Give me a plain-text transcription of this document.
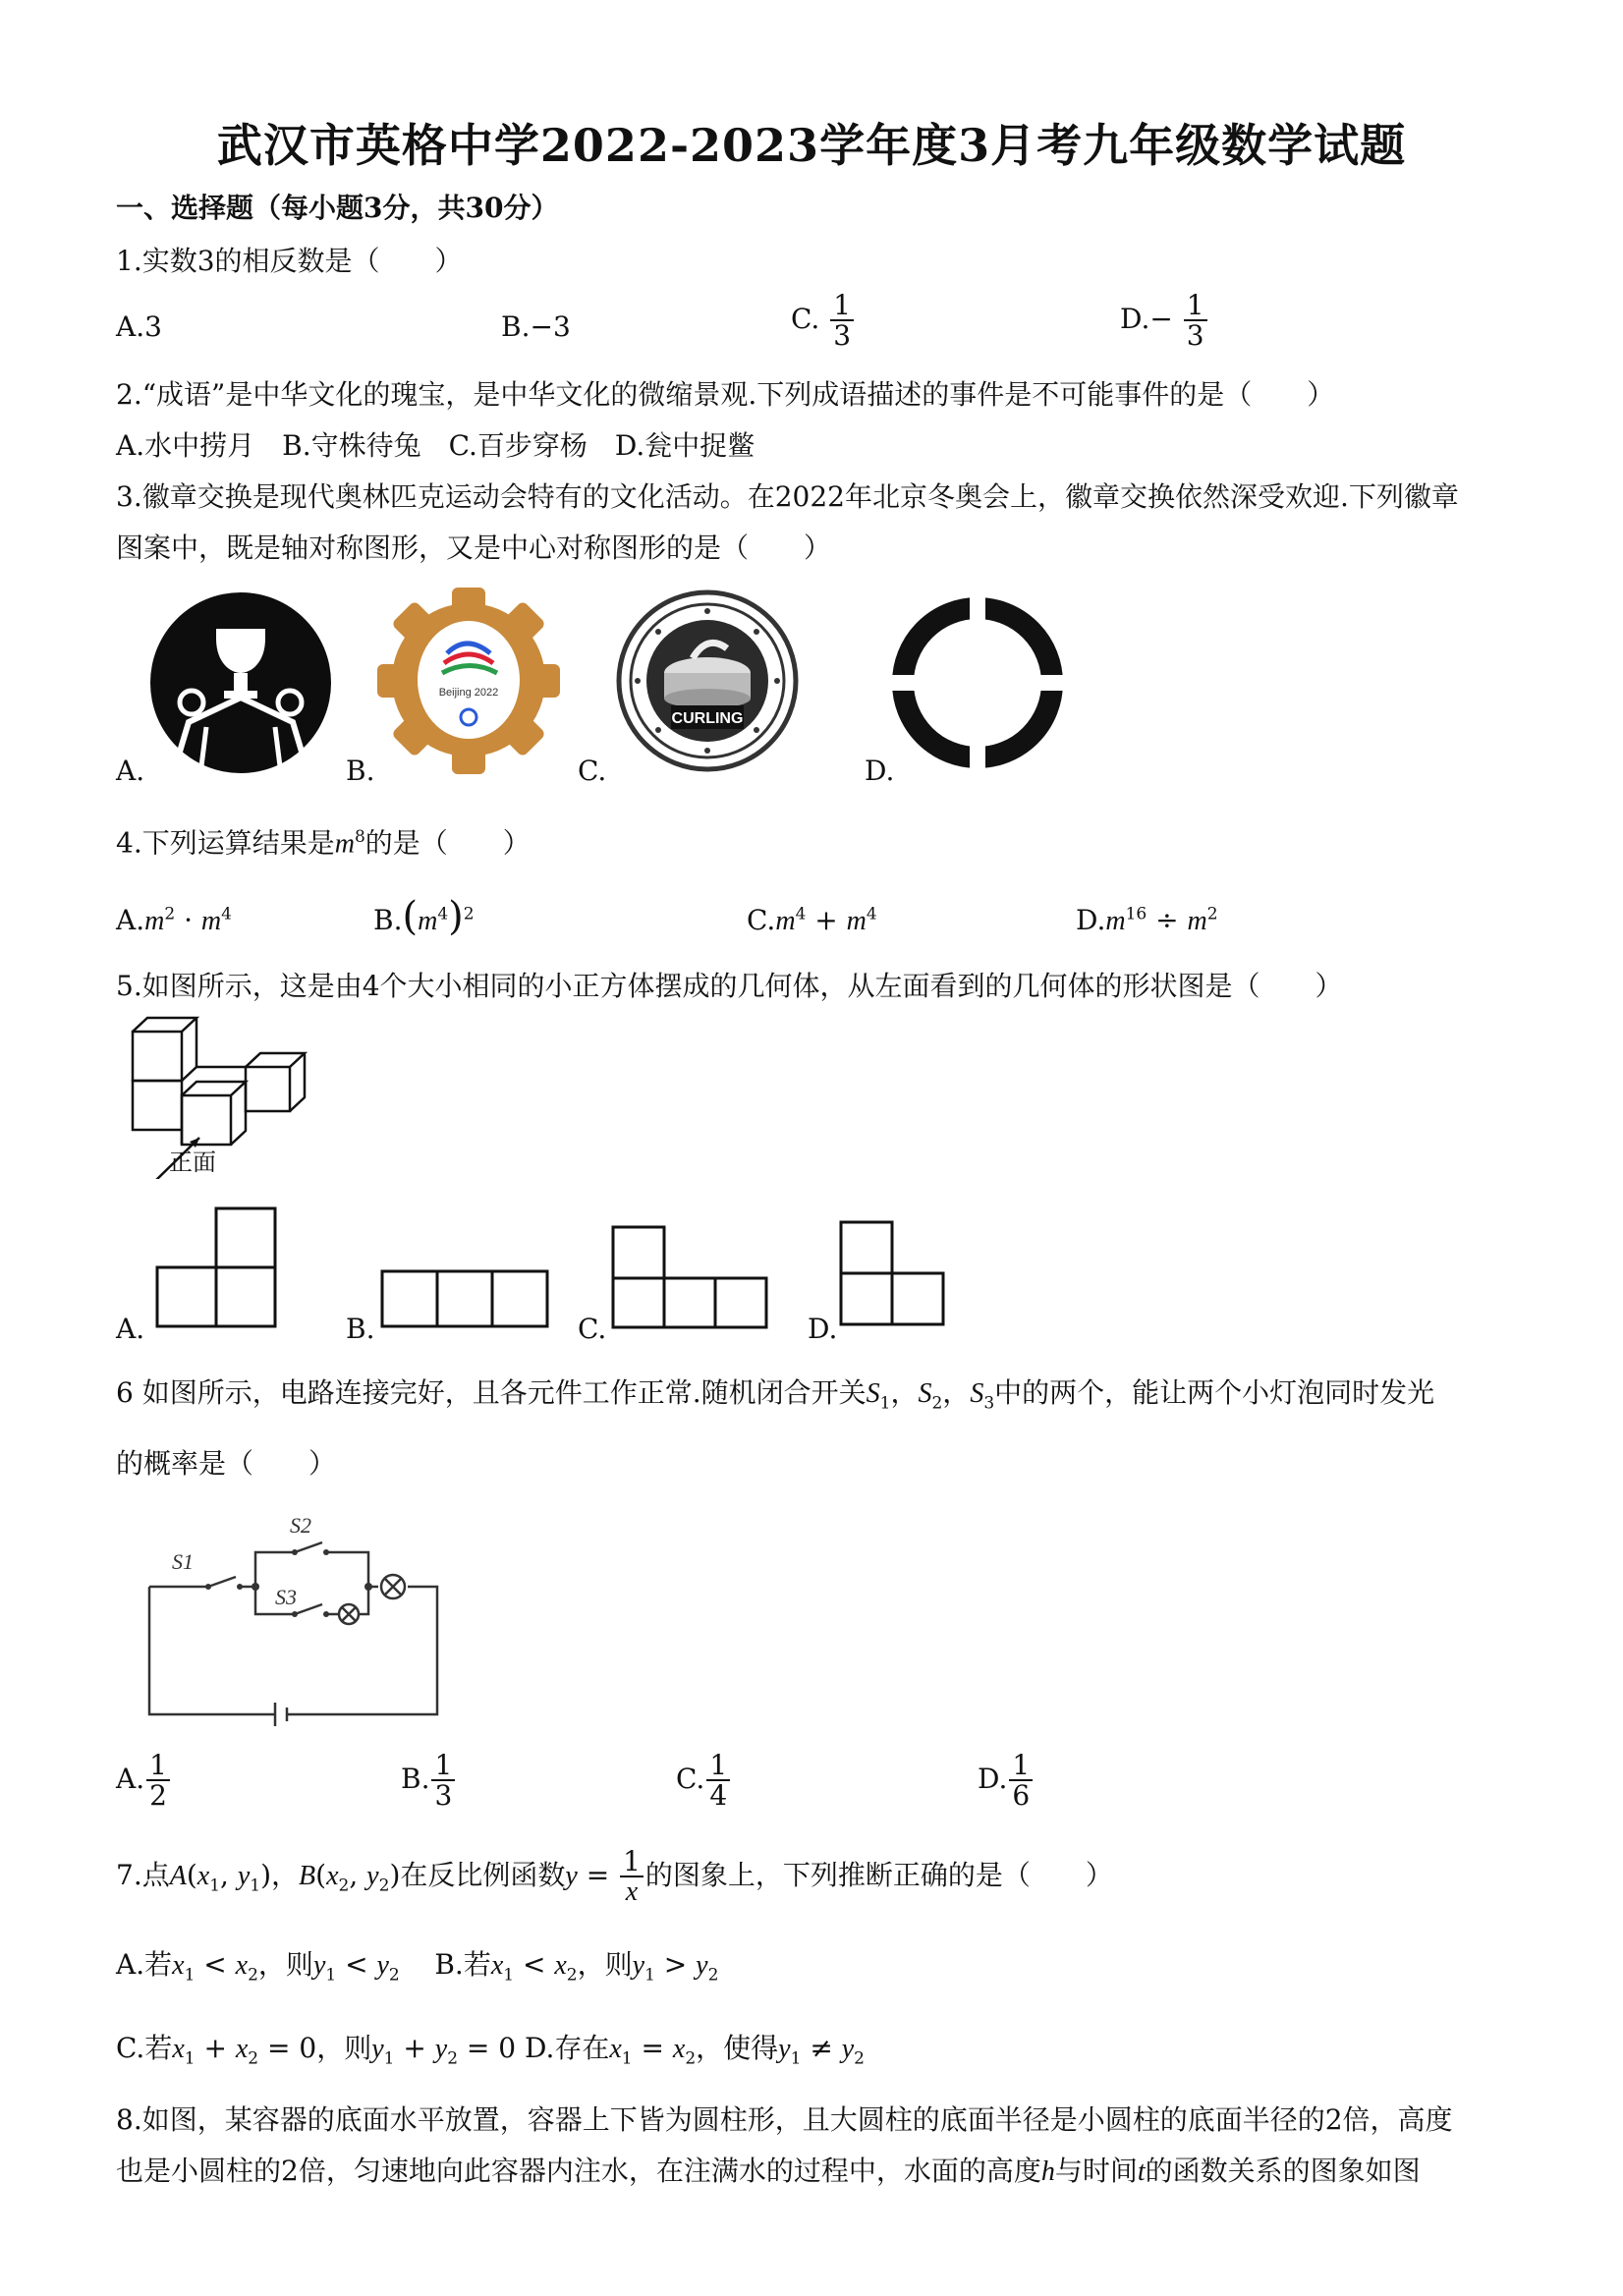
武汉市英格中学2022-2023学年度3月考九年级数学试题
一、选择题（每小题3分，共30分）
1.实数3的相反数是（　　）
A.3	B.−3	C. $\frac{1}{3}$	$D.- \frac{1}{3}$
2.“成语”是中华文化的瑰宝，是中华文化的微缩景观.下列成语描述的事件是不可能事件的是（　　）
A.水中捞月　B.守株待兔　C.百步穿杨　D.瓮中捉鳖
3.徽章交换是现代奥林匹克运动会特有的文化活动。在2022年北京冬奥会上，徽章交换依然深受欢迎.下列徽章
图案中，既是轴对称图形，又是中心对称图形的是（　　）
A.
Beijing 2022
B.
CURLING
C.	D.
4.下列运算结果是$m^8$的是（　　）
$A.m^2 \cdot m^4$	$B.(m^4)^2$	$C.m^4 + m^4$	$D.m^{16} \div m^2$
5.如图所示，这是由4个大小相同的小正方体摆成的几何体，从左面看到的几何体的形状图是（　　）
正面
A.	B.	C.	D.
6 如图所示，电路连接完好，且各元件工作正常.随机闭合开关$S_1$，$S_2$，$S_3$中的两个，能让两个小灯泡同时发光
的概率是（　　）
S1
S2
S3
A. $\frac{1}{2}$	B. $\frac{1}{3}$	C. $\frac{1}{4}$	D. $\frac{1}{6}$
7.点$A(x_1$, $y_1$)，$B(x_2$, $y_2$)在反比例函数$y = \frac{1}{x}$ 的图象上，下列推断正确的是（　　）
A.若$x_1 < x_2$，则$y_1 < y_2$ B.若$x_1 < x_2$，则$y_1 > y_2$
C.若$x_1 + x_2 = 0$，则$y_1 + y_2 = 0$ D.存在$x_1 = x_2$，使得$y_1 \ne y_2$
8.如图，某容器的底面水平放置，容器上下皆为圆柱形，且大圆柱的底面半径是小圆柱的底面半径的2倍，高度
也是小圆柱的2倍，匀速地向此容器内注水，在注满水的过程中，水面的高度h与时间t的函数关系的图象如图
